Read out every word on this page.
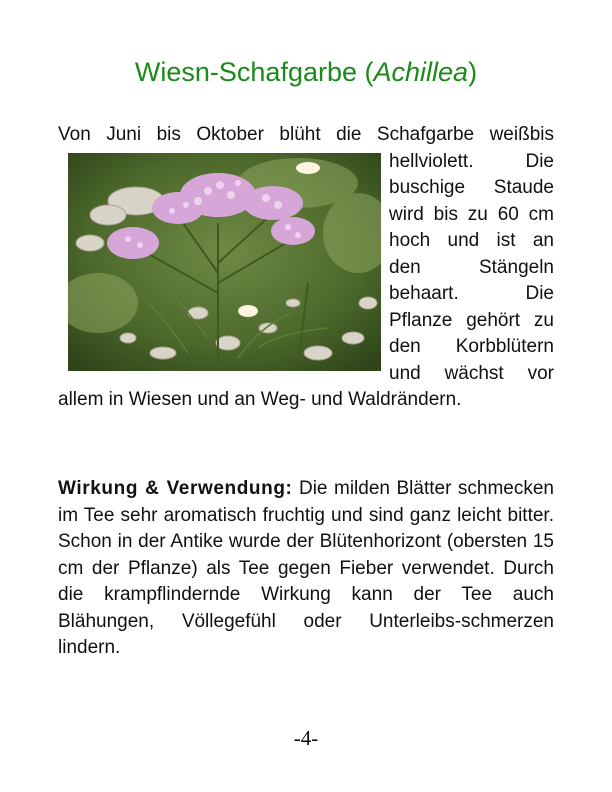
Wiesn-Schafgarbe (Achillea)

Von Juni bis Oktober blüht die Schafgarbe weiß
bis hellviolett. Die buschige Staude wird bis zu 60 cm hoch und ist an den Stängeln behaart. Die Pflanze gehört zu den Korbblütern und wächst vor allem in Wiesen und an Weg- und Waldrändern.

Wirkung & Verwendung: Die milden Blätter schmecken im Tee sehr aromatisch fruchtig und sind ganz leicht bitter. Schon in der Antike wurde der Blütenhorizont (obersten 15 cm der Pflanze) als Tee gegen Fieber verwendet. Durch die krampflindernde Wirkung kann der Tee auch Blähungen, Völlegefühl oder Unterleibs-schmerzen lindern.

-4-
